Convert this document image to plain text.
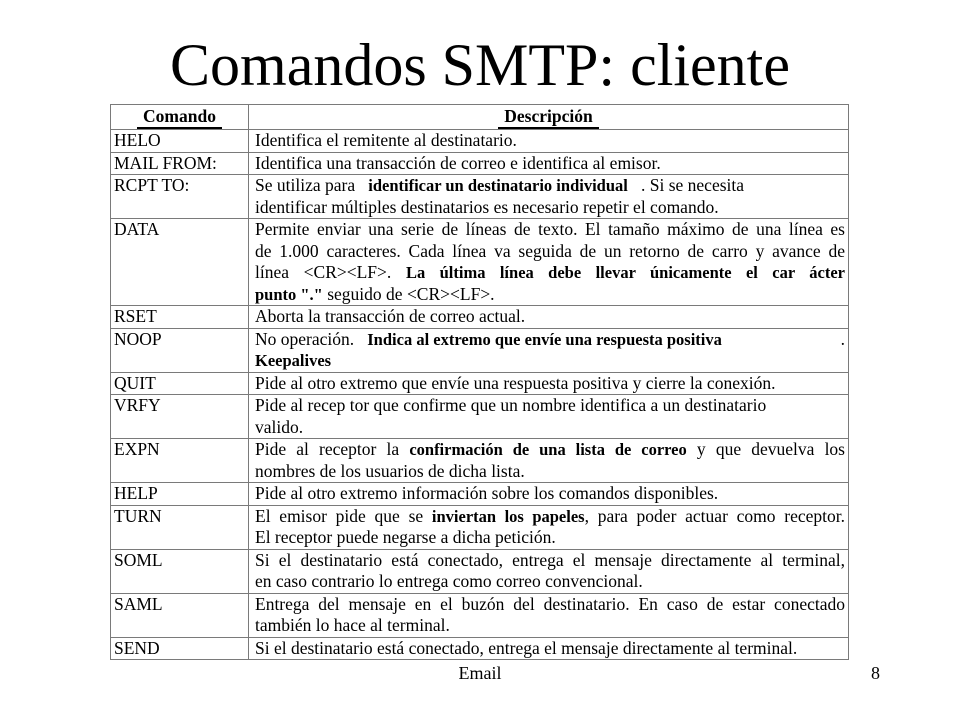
Comandos SMTP: cliente
Comando	Descripción

HELO	Identifica el remitente al destinatario.

MAIL FROM:	Identifica una transacción de correo e identifica al emisor.

RCPT TO:	Se utiliza para identificar un destinatario individual . Si se necesita
identificar múltiples destinatarios es necesario repetir el comando.

DATA	Permite enviar una serie de líneas de texto. El tamaño máximo de una línea es
de 1.000 caracteres. Cada línea va seguida de un retorno de carro y avance de
línea <CR><LF>. La última línea debe llevar únicamente el car ácter
punto "." seguido de <CR><LF>.

RSET	Aborta la transacción de correo actual.

NOOP	.
No operación. Indica al extremo que envíe una respuesta positiva
Keepalives

QUIT	Pide al otro extremo que envíe una respuesta positiva y cierre la conexión.

VRFY	Pide al recep tor que confirme que un nombre identifica a un destinatario
valido.

EXPN	Pide al receptor la confirmación de una lista de correo y que devuelva los
nombres de los usuarios de dicha lista.

HELP	Pide al otro extremo información sobre los comandos disponibles.

TURN	El emisor pide que se inviertan los papeles, para poder actuar como receptor.
El receptor puede negarse a dicha petición.

SOML	Si el destinatario está conectado, entrega el mensaje directamente al terminal,
en caso contrario lo entrega como correo convencional.

SAML	Entrega del mensaje en el buzón del destinatario. En caso de estar conectado
también lo hace al terminal.

SEND	Si el destinatario está conectado, entrega el mensaje directamente al terminal.
Email	8
